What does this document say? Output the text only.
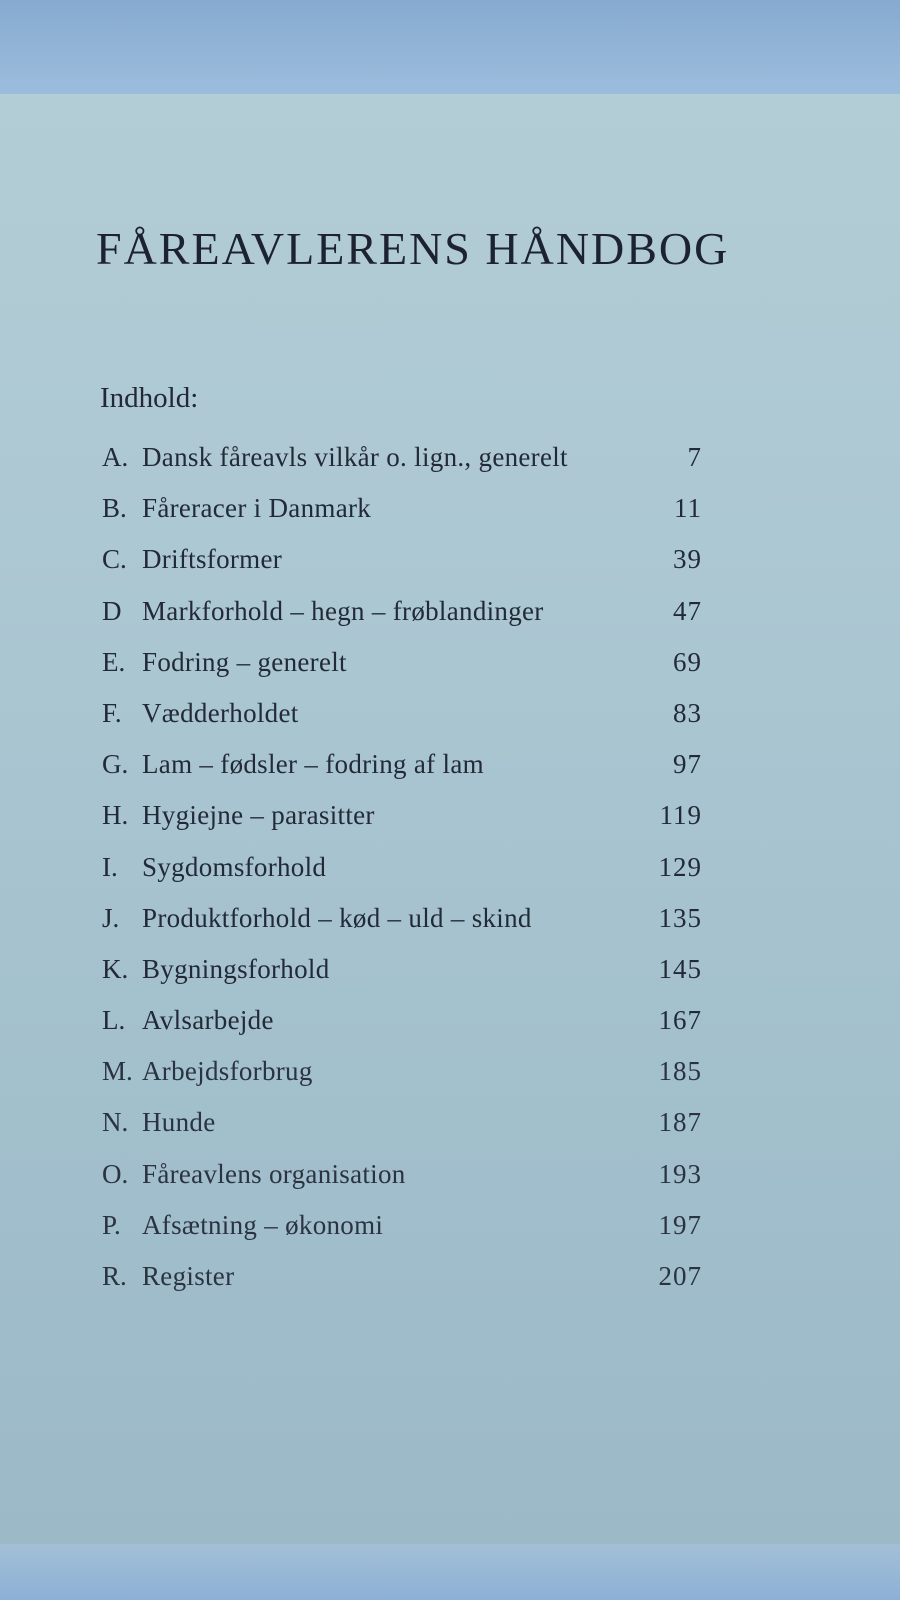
FÅREAVLERENS HÅNDBOG
Indhold:
A. Dansk fåreavls vilkår o. lign., generelt	7
B. Fåreracer i Danmark	11
C. Driftsformer	39
D Markforhold – hegn – frøblandinger	47
E. Fodring – generelt	69
F. Vædderholdet	83
G. Lam – fødsler – fodring af lam	97
H. Hygiejne – parasitter	119
I. Sygdomsforhold	129
J. Produktforhold – kød – uld – skind	135
K. Bygningsforhold	145
L. Avlsarbejde	167
M. Arbejdsforbrug	185
N. Hunde	187
O. Fåreavlens organisation	193
P. Afsætning – økonomi	197
R. Register	207
